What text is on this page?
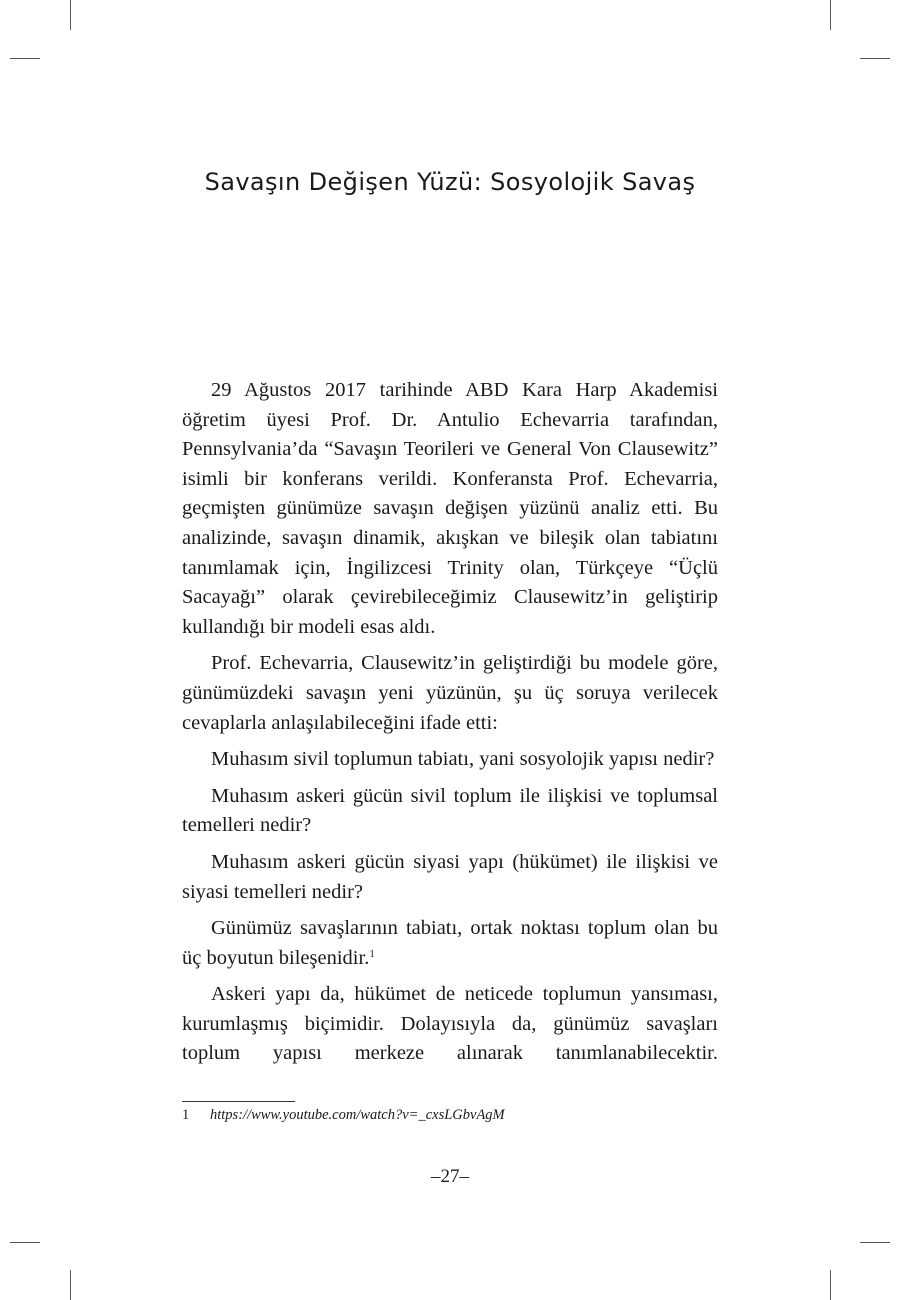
Savaşın Değişen Yüzü: Sosyolojik Savaş

29 Ağustos 2017 tarihinde ABD Kara Harp Akademisi öğretim üyesi Prof. Dr. Antulio Echevarria tarafından, Pennsylvania’da “Savaşın Teorileri ve General Von Clausewitz” isimli bir konferans verildi. Konferansta Prof. Echevarria, geçmişten günümüze savaşın değişen yüzünü analiz etti. Bu analizinde, savaşın dinamik, akışkan ve bileşik olan tabiatını tanımlamak için, İngilizcesi Trinity olan, Türkçeye “Üçlü Sacayağı” olarak çevirebileceğimiz Clausewitz’in geliştirip kullandığı bir modeli esas aldı.

Prof. Echevarria, Clausewitz’in geliştirdiği bu modele göre, günümüzdeki savaşın yeni yüzünün, şu üç soruya verilecek cevaplarla anlaşılabileceğini ifade etti:

Muhasım sivil toplumun tabiatı, yani sosyolojik yapısı nedir?

Muhasım askeri gücün sivil toplum ile ilişkisi ve toplumsal temelleri nedir?

Muhasım askeri gücün siyasi yapı (hükümet) ile ilişkisi ve siyasi temelleri nedir?

Günümüz savaşlarının tabiatı, ortak noktası toplum olan bu üç boyutun bileşenidir.$^1$

Askeri yapı da, hükümet de neticede toplumun yansıması, kurumlaşmış biçimidir. Dolayısıyla da, günümüz savaşları toplum yapısı merkeze alınarak tanımlanabilecektir.

1 https://www.youtube.com/watch?v=_cxsLGbvAgM
–27–
